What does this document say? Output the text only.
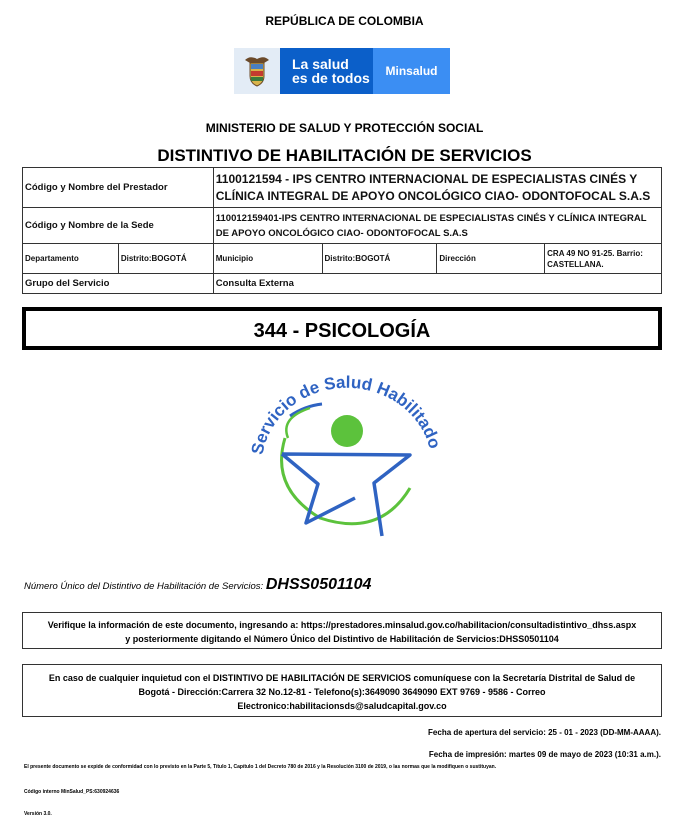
REPÚBLICA DE COLOMBIA
La salud
es de todos	Minsalud
MINISTERIO DE SALUD Y PROTECCIÓN SOCIAL
DISTINTIVO DE HABILITACIÓN DE SERVICIOS
Código y Nombre del Prestador		1100121594 - IPS CENTRO INTERNACIONAL DE ESPECIALISTAS CINÉS Y CLÍNICA INTEGRAL DE APOYO ONCOLÓGICO CIAO- ODONTOFOCAL S.A.S			
Código y Nombre de la Sede		110012159401-IPS CENTRO INTERNACIONAL DE ESPECIALISTAS CINÉS Y CLÍNICA INTEGRAL DE APOYO ONCOLÓGICO CIAO- ODONTOFOCAL S.A.S			
Departamento	Distrito:BOGOTÁ	Municipio	Distrito:BOGOTÁ	Dirección	CRA 49 NO 91-25. Barrio: CASTELLANA.
Grupo del Servicio		Consulta Externa			
344 - PSICOLOGÍA
Servicio de Salud Habilitado
Número Único del Distintivo de Habilitación de Servicios: DHSS0501104
Verifique la información de este documento, ingresando a: https://prestadores.minsalud.gov.co/habilitacion/consultadistintivo_dhss.aspx
y posteriormente digitando el Número Único del Distintivo de Habilitación de Servicios:DHSS0501104
En caso de cualquier inquietud con el DISTINTIVO DE HABILITACIÓN DE SERVICIOS comuníquese con la Secretaría Distrital de Salud de
Bogotá - Dirección:Carrera 32 No.12-81 - Telefono(s):3649090 3649090 EXT 9769 - 9586 - Correo
Electronico:habilitacionsds@saludcapital.gov.co
Fecha de apertura del servicio: 25 - 01 - 2023 (DD-MM-AAAA).
Fecha de impresión: martes 09 de mayo de 2023 (10:31 a.m.).
El presente documento se expide de conformidad con lo previsto en la Parte 5, Título 1, Capítulo 1 del Decreto 780 de 2016 y la Resolución 3100 de 2019, o las normas que la modifiquen o sustituyan.
Código interno MinSalud_PS:630924636
Versión 3.0.
